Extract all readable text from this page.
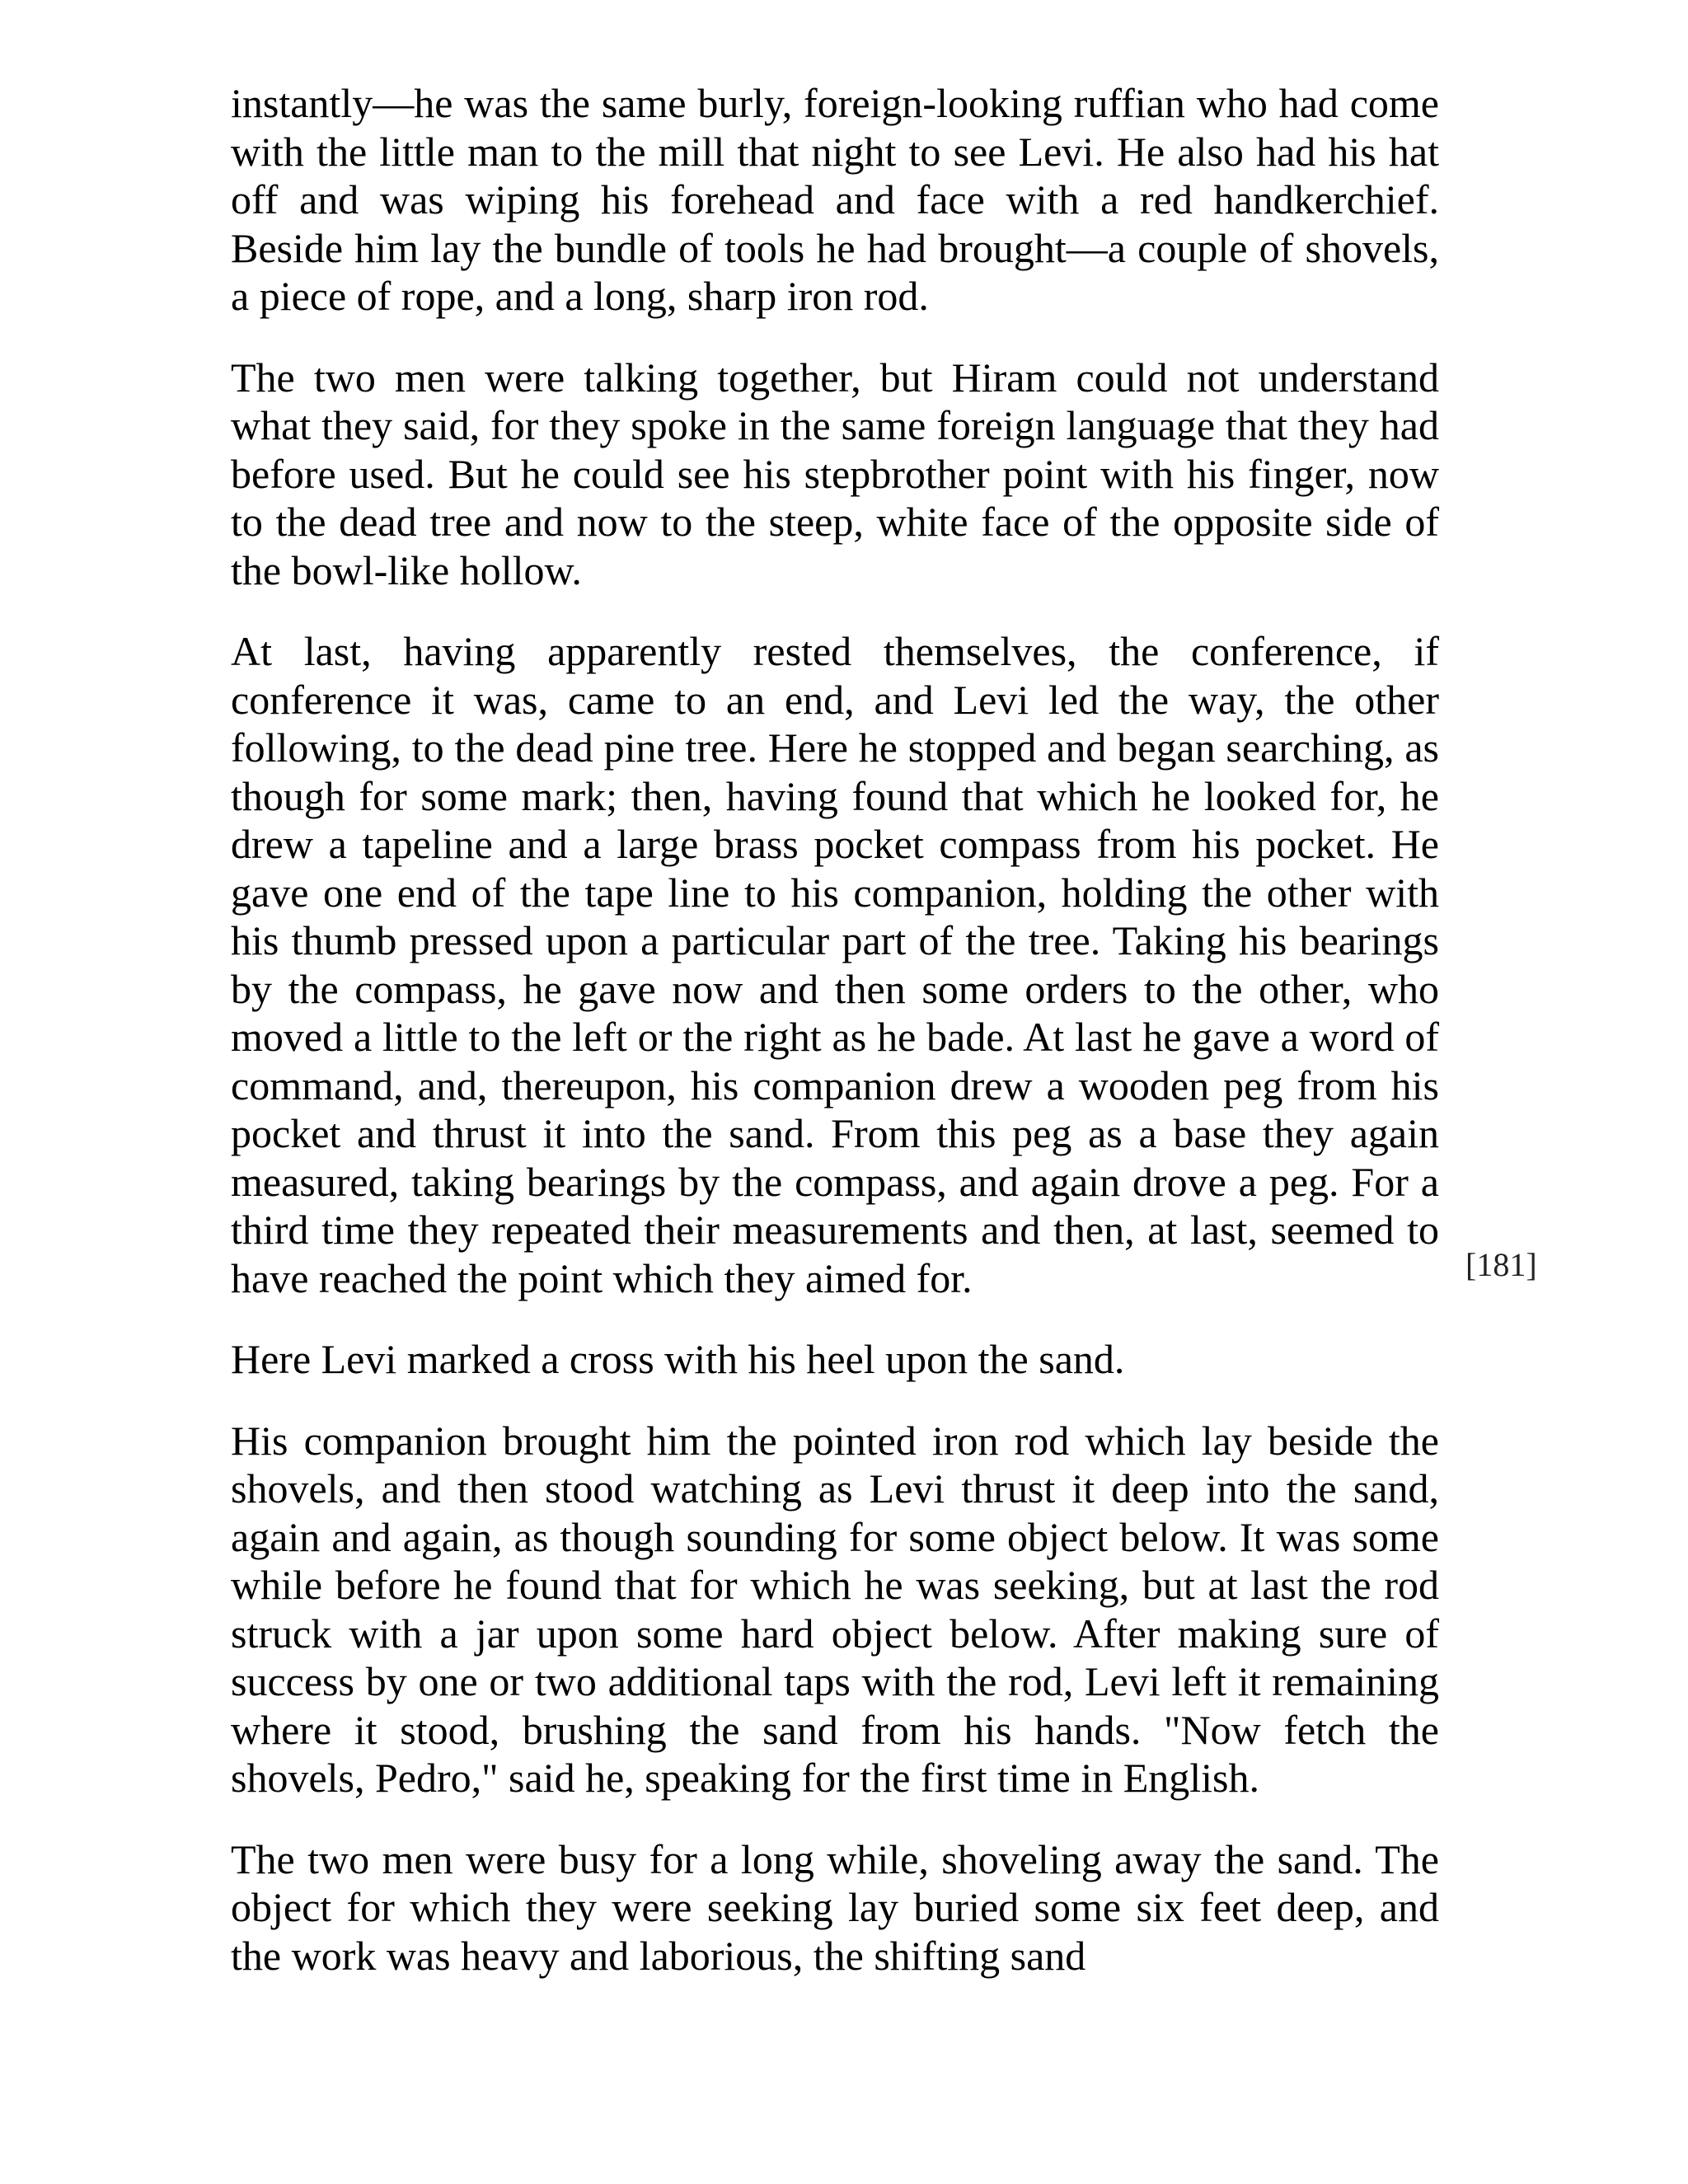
instantly—he was the same burly, foreign-looking ruffian who had come with the little man to the mill that night to see Levi. He also had his hat off and was wiping his forehead and face with a red handkerchief. Beside him lay the bundle of tools he had brought—a couple of shovels, a piece of rope, and a long, sharp iron rod.

The two men were talking together, but Hiram could not understand what they said, for they spoke in the same foreign language that they had before used. But he could see his stepbrother point with his finger, now to the dead tree and now to the steep, white face of the opposite side of the bowl-like hollow.

At last, having apparently rested themselves, the conference, if conference it was, came to an end, and Levi led the way, the other following, to the dead pine tree. Here he stopped and began searching, as though for some mark; then, having found that which he looked for, he drew a tapeline and a large brass pocket compass from his pocket. He gave one end of the tape line to his companion, holding the other with his thumb pressed upon a particular part of the tree. Taking his bearings by the compass, he gave now and then some orders to the other, who moved a little to the left or the right as he bade. At last he gave a word of command, and, thereupon, his companion drew a wooden peg from his pocket and thrust it into the sand. From this peg as a base they again measured, taking bearings by the compass, and again drove a peg. For a third time they repeated their measurements and then, at last, seemed to have reached the point which they aimed for.

Here Levi marked a cross with his heel upon the sand.

His companion brought him the pointed iron rod which lay beside the shovels, and then stood watching as Levi thrust it deep into the sand, again and again, as though sounding for some object below. It was some while before he found that for which he was seeking, but at last the rod struck with a jar upon some hard object below. After making sure of success by one or two additional taps with the rod, Levi left it remaining where it stood, brushing the sand from his hands. "Now fetch the shovels, Pedro," said he, speaking for the first time in English.

The two men were busy for a long while, shoveling away the sand. The object for which they were seeking lay buried some six feet deep, and the work was heavy and laborious, the shifting sand

[181]
